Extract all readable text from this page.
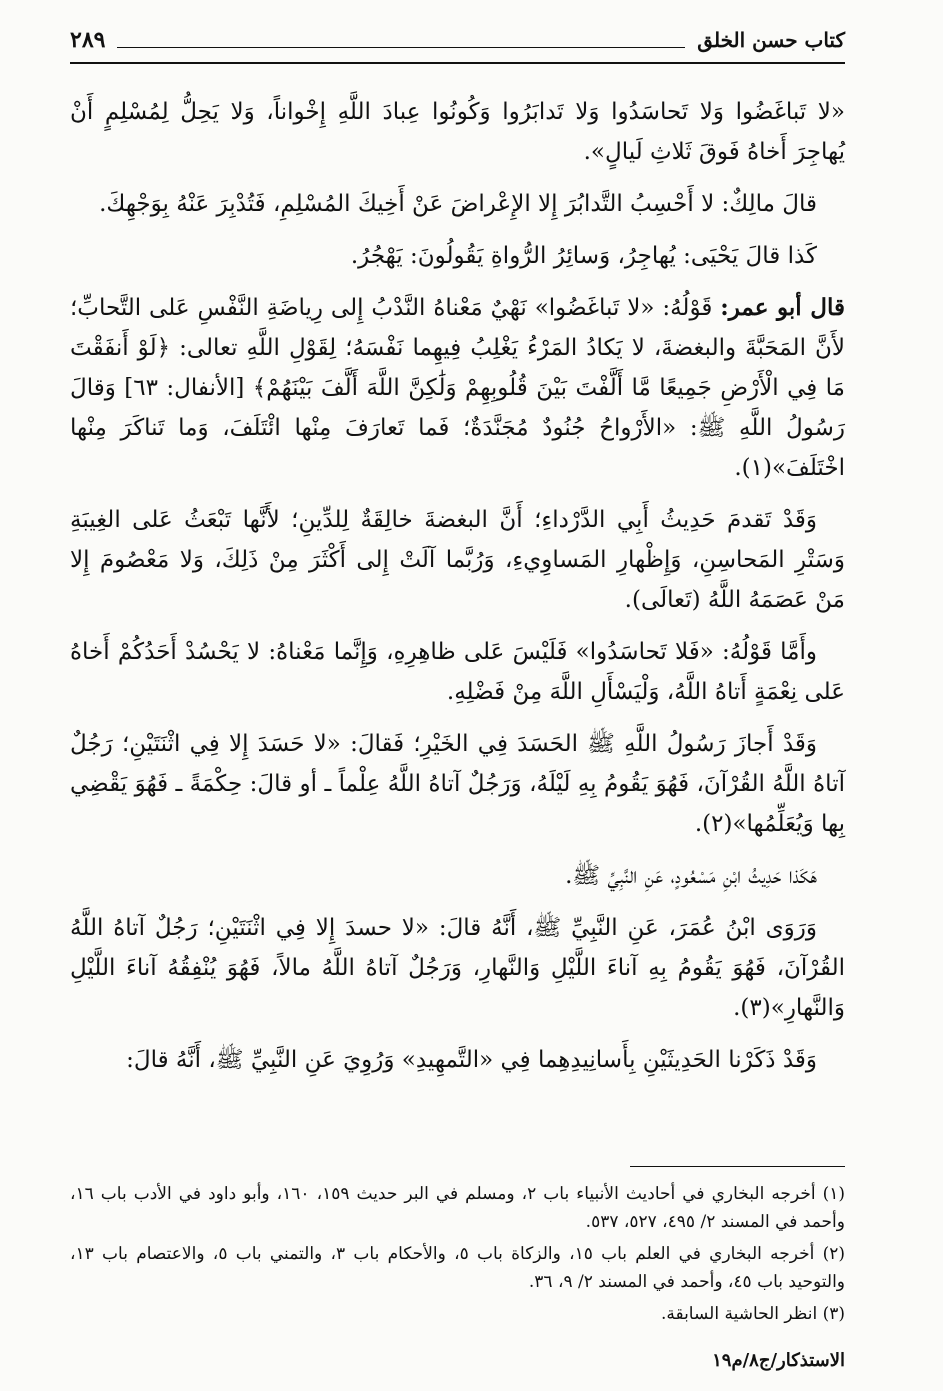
كتاب حسن الخلق
٢٨٩

«لا تَباغَضُوا وَلا تَحاسَدُوا وَلا تَدابَرُوا وَكُونُوا عِبادَ اللَّهِ إِخْواناً، وَلا يَحِلُّ لِمُسْلِمٍ أَنْ يُهاجِرَ أَخاهُ فَوقَ ثَلاثِ لَيالٍ».

قالَ مالِكٌ: لا أَحْسِبُ التَّدابُرَ إِلا الإِعْراضَ عَنْ أَخِيكَ المُسْلِمِ، فَتُدْبِرَ عَنْهُ بِوَجْهِكَ.

كَذا قالَ يَحْيَى: يُهاجِرُ، وَسائِرُ الرُّواةِ يَقُولُونَ: يَهْجُرُ.

قال أبو عمر: قَوْلُهُ: «لا تَباغَضُوا» نَهْيٌ مَعْناهُ النَّدْبُ إِلى رِياضَةِ النَّفْسِ عَلى التَّحابِّ؛ لأَنَّ المَحَبَّةَ والبغضةَ، لا يَكادُ المَرْءُ يَغْلِبُ فِيهِما نَفْسَهُ؛ لِقَوْلِ اللَّهِ تعالى: ﴿لَوْ أَنفَقْتَ مَا فِي الْأَرْضِ جَمِيعًا مَّا أَلَّفْتَ بَيْنَ قُلُوبِهِمْ وَلَٰكِنَّ اللَّهَ أَلَّفَ بَيْنَهُمْ﴾ [الأنفال: ٦٣] وَقالَ رَسُولُ اللَّهِ ﷺ: «الأَرْواحُ جُنُودٌ مُجَنَّدَةٌ؛ فَما تَعارَفَ مِنْها ائْتَلَفَ، وَما تَناكَرَ مِنْها اخْتَلَفَ»(١).

وَقَدْ تَقدمَ حَدِيثُ أَبِي الدَّرْداءِ؛ أَنَّ البغضةَ خالِقَةٌ لِلدِّينِ؛ لأَنَّها تَبْعَثُ عَلى الغِيبَةِ وَسَتْرِ المَحاسِنِ، وَإِظْهارِ المَساوِيءِ، وَرُبَّما آلَتْ إِلى أَكْثَرَ مِنْ ذَلِكَ، وَلا مَعْصُومَ إِلا مَنْ عَصَمَهُ اللَّهُ (تَعالَى).

وأَمَّا قَوْلُهُ: «فَلا تَحاسَدُوا» فَلَيْسَ عَلى ظاهِرِهِ، وَإِنَّما مَعْناهُ: لا يَحْسُدْ أَحَدُكُمْ أَخاهُ عَلى نِعْمَةٍ أَتاهُ اللَّهُ، وَلْيَسْأَلِ اللَّهَ مِنْ فَضْلِهِ.

وَقَدْ أَجازَ رَسُولُ اللَّهِ ﷺ الحَسَدَ فِي الخَيْرِ؛ فَقالَ: «لا حَسَدَ إِلا فِي اثْنَتَيْنِ؛ رَجُلٌ آتاهُ اللَّهُ القُرْآنَ، فَهُوَ يَقُومُ بِهِ لَيْلَهُ، وَرَجُلٌ آتاهُ اللَّهُ عِلْماً ـ أو قالَ: حِكْمَةً ـ فَهُوَ يَقْضِي بِها وَيُعَلِّمُها»(٢).

هَكَذا حَدِيثُ ابْنِ مَسْعُودٍ، عَنِ النَّبِيِّ ﷺ.

وَرَوَى ابْنُ عُمَرَ، عَنِ النَّبِيِّ ﷺ، أَنَّهُ قالَ: «لا حسدَ إِلا فِي اثْنَتَيْنِ؛ رَجُلٌ آتاهُ اللَّهُ القُرْآنَ، فَهُوَ يَقُومُ بِهِ آناءَ اللَّيْلِ وَالنَّهارِ، وَرَجُلٌ آتاهُ اللَّهُ مالاً، فَهُوَ يُنْفِقُهُ آناءَ اللَّيْلِ وَالنَّهارِ»(٣).

وَقَدْ ذَكَرْنا الحَدِيثَيْنِ بِأَسانِيدِهِما فِي «التَّمهِيدِ» وَرُوِيَ عَنِ النَّبِيِّ ﷺ، أَنَّهُ قالَ:

(١) أخرجه البخاري في أحاديث الأنبياء باب ٢، ومسلم في البر حديث ١٥٩، ١٦٠، وأبو داود في الأدب باب ١٦، وأحمد في المسند ٢/ ٤٩٥، ٥٢٧، ٥٣٧.

(٢) أخرجه البخاري في العلم باب ١٥، والزكاة باب ٥، والأحكام باب ٣، والتمني باب ٥، والاعتصام باب ١٣، والتوحيد باب ٤٥، وأحمد في المسند ٢/ ٩، ٣٦.

(٣) انظر الحاشية السابقة.

الاستذكار/ج٨/م١٩
